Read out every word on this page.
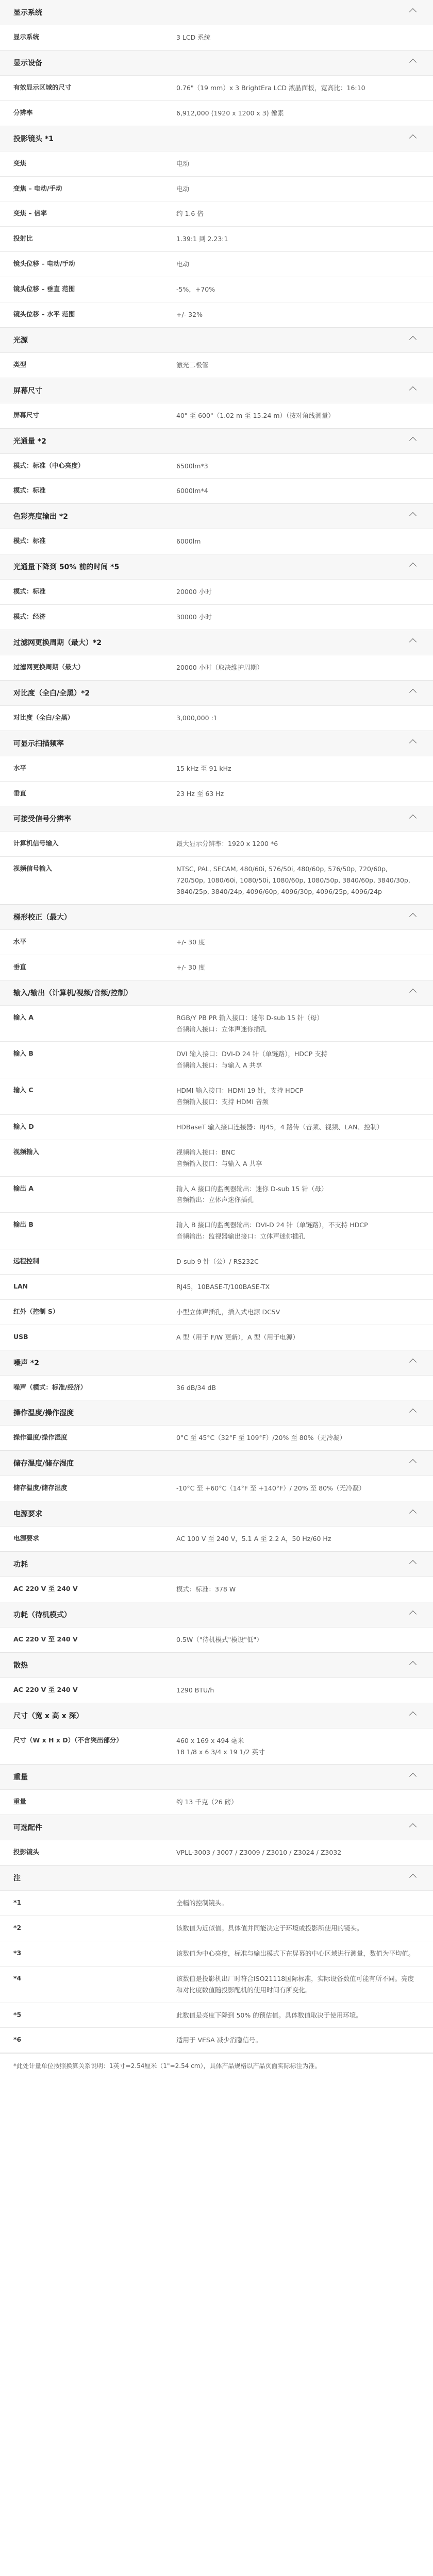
显示系统
显示系统	3 LCD 系统
显示设备
有效显示区域的尺寸	0.76"（19 mm）x 3 BrightEra LCD 液晶面板，宽高比：16:10
分辨率	6,912,000 (1920 x 1200 x 3) 像素
投影镜头 *1
变焦	电动
变焦 – 电动/手动	电动
变焦 – 倍率	约 1.6 倍
投射比	1.39:1 到 2.23:1
镜头位移 – 电动/手动	电动
镜头位移 – 垂直 范围	-5%，+70%
镜头位移 – 水平 范围	+/- 32%
光源
类型	激光二极管
屏幕尺寸
屏幕尺寸	40" 至 600"（1.02 m 至 15.24 m）（按对角线测量）
光通量 *2
模式：标准（中心亮度）	6500lm*3
模式：标准	6000lm*4
色彩亮度输出 *2
模式：标准	6000lm
光通量下降到 50% 前的时间 *5
模式：标准	20000 小时
模式：经济	30000 小时
过滤网更换周期（最大）*2
过滤网更换周期（最大）	20000 小时（取决维护周期）
对比度（全白/全黑）*2
对比度（全白/全黑）	3,000,000 :1
可显示扫描频率
水平	15 kHz 至 91 kHz
垂直	23 Hz 至 63 Hz
可接受信号分辨率
计算机信号输入	最大显示分辨率：1920 x 1200 *6
视频信号输入	NTSC, PAL, SECAM, 480/60i, 576/50i, 480/60p, 576/50p, 720/60p, 720/50p, 1080/60i, 1080/50i, 1080/60p, 1080/50p, 3840/60p, 3840/30p, 3840/25p, 3840/24p, 4096/60p, 4096/30p, 4096/25p, 4096/24p
梯形校正（最大）
水平	+/- 30 度
垂直	+/- 30 度
输入/输出（计算机/视频/音频/控制）
输入 A	RGB/Y PB PR 输入接口：迷你 D-sub 15 针（母）
音频输入接口：立体声迷你插孔
输入 B	DVI 输入接口：DVI-D 24 针（单链路），HDCP 支持
音频输入接口：与输入 A 共享
输入 C	HDMI 输入接口：HDMI 19 针，支持 HDCP
音频输入接口：支持 HDMI 音频
输入 D	HDBaseT 输入接口连接器：RJ45，4 路传（音频、视频、LAN、控制）
视频输入	视频输入接口：BNC
音频输入接口：与输入 A 共享
输出 A	输入 A 接口的监视器输出：迷你 D-sub 15 针（母）
音频输出：立体声迷你插孔
输出 B	输入 B 接口的监视器输出：DVI-D 24 针（单链路），不支持 HDCP
音频输出：监视器输出接口：立体声迷你插孔
远程控制	D-sub 9 针（公）/ RS232C
LAN	RJ45，10BASE-T/100BASE-TX
红外（控制 S）	小型立体声插孔，插入式电源 DC5V
USB	A 型（用于 F/W 更新），A 型（用于电源）
噪声 *2
噪声（模式：标准/经济）	36 dB/34 dB
操作温度/操作湿度
操作温度/操作湿度	0°C 至 45°C（32°F 至 109°F）/20% 至 80%（无冷凝）
储存温度/储存湿度
储存温度/储存湿度	-10°C 至 +60°C（14°F 至 +140°F）/ 20% 至 80%（无冷凝）
电源要求
电源要求	AC 100 V 至 240 V，5.1 A 至 2.2 A，50 Hz/60 Hz
功耗
AC 220 V 至 240 V	模式：标准：378 W
功耗（待机模式）
AC 220 V 至 240 V	0.5W（"待机模式"模设"低"）
散热
AC 220 V 至 240 V	1290 BTU/h
尺寸（宽 x 高 x 深）
尺寸（W x H x D）（不含突出部分）	460 x 169 x 494 毫米
18 1/8 x 6 3/4 x 19 1/2 英寸
重量
重量	约 13 千克（26 磅）
可选配件
投影镜头	VPLL-3003 / 3007 / Z3009 / Z3010 / Z3024 / Z3032
注
*1	全幅的控制镜头。
*2	该数值为近似值。具体值并同能决定于环境或投影所使用的镜头。
*3	该数值为中心亮度，标准与输出模式下在屏幕的中心区域进行测量，数值为平均值。
*4	该数值是投影机出厂时符合ISO21118国际标准，实际设备数值可能有所不同。亮度和对比度数值随投影配机的使用时间有所变化。
*5	此数值是亮度下降到 50% 的预估值。具体数值取决于使用环境。
*6	适用于 VESA 减少消隐信号。
*此处计量单位按照换算关系说明：1英寸=2.54厘米（1"=2.54 cm），具体产品规格以产品页面实际标注为准。
